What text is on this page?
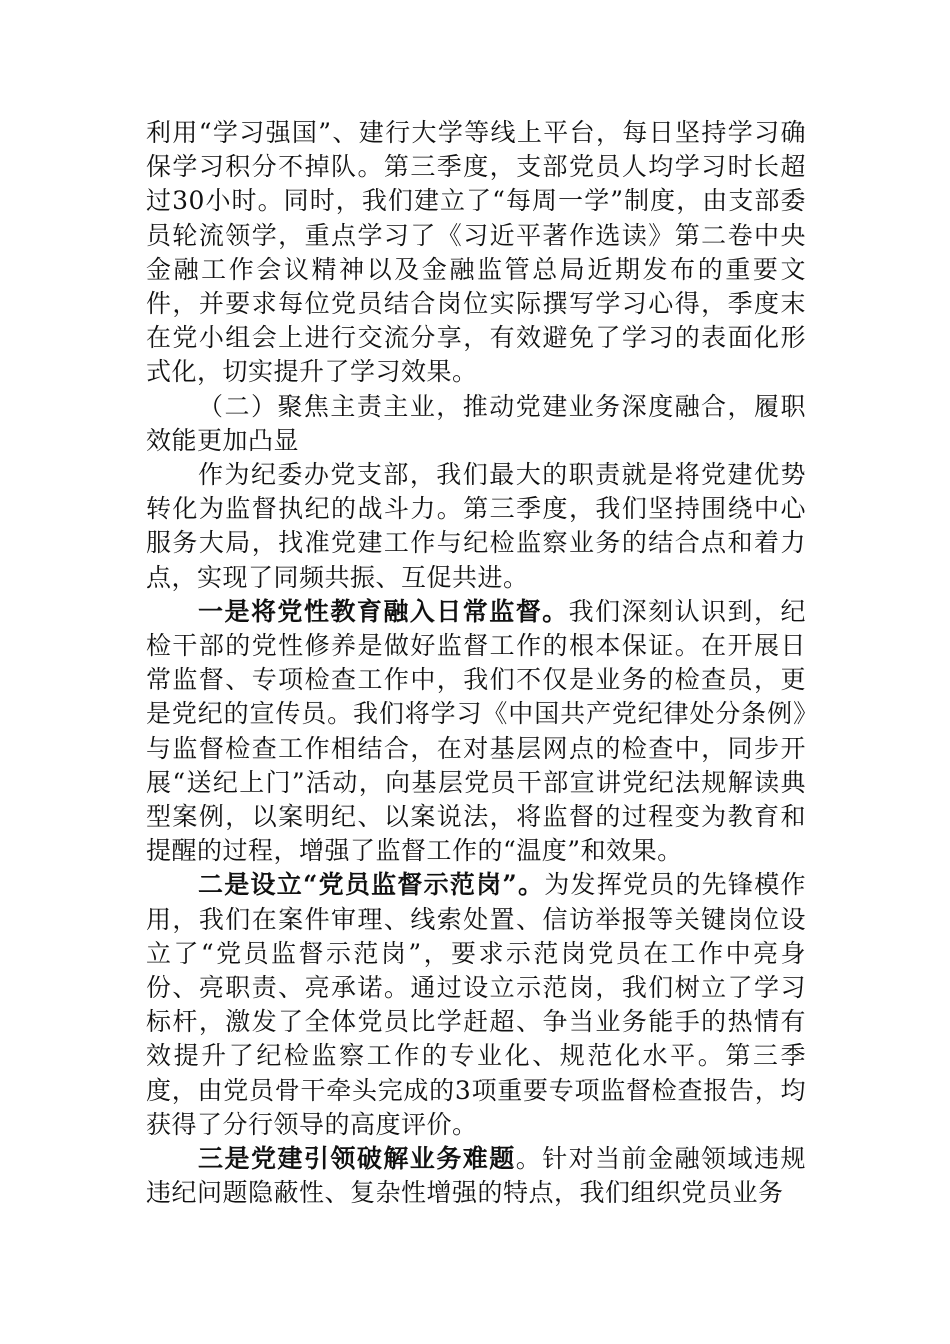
利用“学习强国”、建行大学等线上平台，每日坚持学习确保学习积分不掉队。第三季度，支部党员人均学习时长超过30小时。同时，我们建立了“每周一学”制度，由支部委员轮流领学，重点学习了《习近平著作选读》第二卷中央金融工作会议精神以及金融监管总局近期发布的重要文件，并要求每位党员结合岗位实际撰写学习心得，季度末在党小组会上进行交流分享，有效避免了学习的表面化形式化，切实提升了学习效果。

（二）聚焦主责主业，推动党建业务深度融合，履职效能更加凸显

作为纪委办党支部，我们最大的职责就是将党建优势转化为监督执纪的战斗力。第三季度，我们坚持围绕中心服务大局，找准党建工作与纪检监察业务的结合点和着力点，实现了同频共振、互促共进。

一是将党性教育融入日常监督。我们深刻认识到，纪检干部的党性修养是做好监督工作的根本保证。在开展日常监督、专项检查工作中，我们不仅是业务的检查员，更是党纪的宣传员。我们将学习《中国共产党纪律处分条例》与监督检查工作相结合，在对基层网点的检查中，同步开展“送纪上门”活动，向基层党员干部宣讲党纪法规解读典型案例，以案明纪、以案说法，将监督的过程变为教育和提醒的过程，增强了监督工作的“温度”和效果。

二是设立“党员监督示范岗”。为发挥党员的先锋模作用，我们在案件审理、线索处置、信访举报等关键岗位设立了“党员监督示范岗”，要求示范岗党员在工作中亮身份、亮职责、亮承诺。通过设立示范岗，我们树立了学习标杆，激发了全体党员比学赶超、争当业务能手的热情有效提升了纪检监察工作的专业化、规范化水平。第三季度，由党员骨干牵头完成的3项重要专项监督检查报告，均获得了分行领导的高度评价。

三是党建引领破解业务难题。针对当前金融领域违规违纪问题隐蔽性、复杂性增强的特点，我们组织党员业务
